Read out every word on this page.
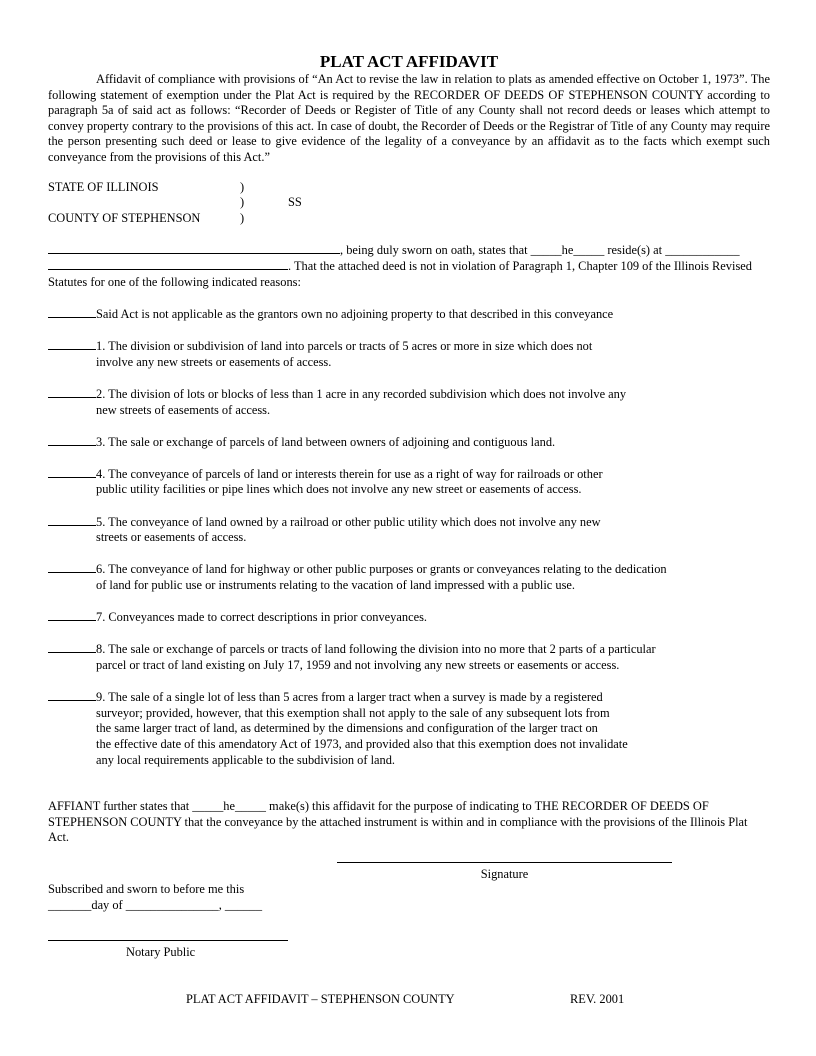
PLAT ACT AFFIDAVIT

Affidavit of compliance with provisions of “An Act to revise the law in relation to plats as amended effective on October 1, 1973”. The following statement of exemption under the Plat Act is required by the RECORDER OF DEEDS OF STEPHENSON COUNTY according to paragraph 5a of said act as follows: “Recorder of Deeds or Register of Title of any County shall not record deeds or leases which attempt to convey property contrary to the provisions of this act. In case of doubt, the Recorder of Deeds or the Registrar of Title of any County may require the person presenting such deed or lease to give evidence of the legality of a conveyance by an affidavit as to the facts which exempt such conveyance from the provisions of this Act.”

STATE OF ILLINOIS	)
)	SS
COUNTY OF STEPHENSON	)

, being duly sworn on oath, states that _____he_____ reside(s) at ____________
. That the attached deed is not in violation of Paragraph 1, Chapter 109 of the Illinois Revised Statutes for one of the following indicated reasons:

Said Act is not applicable as the grantors own no adjoining property to that described in this conveyance
1. The division or subdivision of land into parcels or tracts of 5 acres or more in size which does not
involve any new streets or easements of access.
2. The division of lots or blocks of less than 1 acre in any recorded subdivision which does not involve any
new streets of easements of access.
3. The sale or exchange of parcels of land between owners of adjoining and contiguous land.
4. The conveyance of parcels of land or interests therein for use as a right of way for railroads or other
public utility facilities or pipe lines which does not involve any new street or easements of access.
5. The conveyance of land owned by a railroad or other public utility which does not involve any new
streets or easements of access.
6. The conveyance of land for highway or other public purposes or grants or conveyances relating to the dedication
of land for public use or instruments relating to the vacation of land impressed with a public use.
7. Conveyances made to correct descriptions in prior conveyances.
8. The sale or exchange of parcels or tracts of land following the division into no more that 2 parts of a particular
parcel or tract of land existing on July 17, 1959 and not involving any new streets or easements or access.
9. The sale of a single lot of less than 5 acres from a larger tract when a survey is made by a registered
surveyor; provided, however, that this exemption shall not apply to the sale of any subsequent lots from
the same larger tract of land, as determined by the dimensions and configuration of the larger tract on
the effective date of this amendatory Act of 1973, and provided also that this exemption does not invalidate
any local requirements applicable to the subdivision of land.

AFFIANT further states that _____he_____ make(s) this affidavit for the purpose of indicating to THE RECORDER OF DEEDS OF STEPHENSON COUNTY that the conveyance by the attached instrument is within and in compliance with the provisions of the Illinois Plat Act.

Signature
Subscribed and sworn to before me this
_______day of _______________, ______
Notary Public
PLAT ACT AFFIDAVIT – STEPHENSON COUNTY	REV. 2001
